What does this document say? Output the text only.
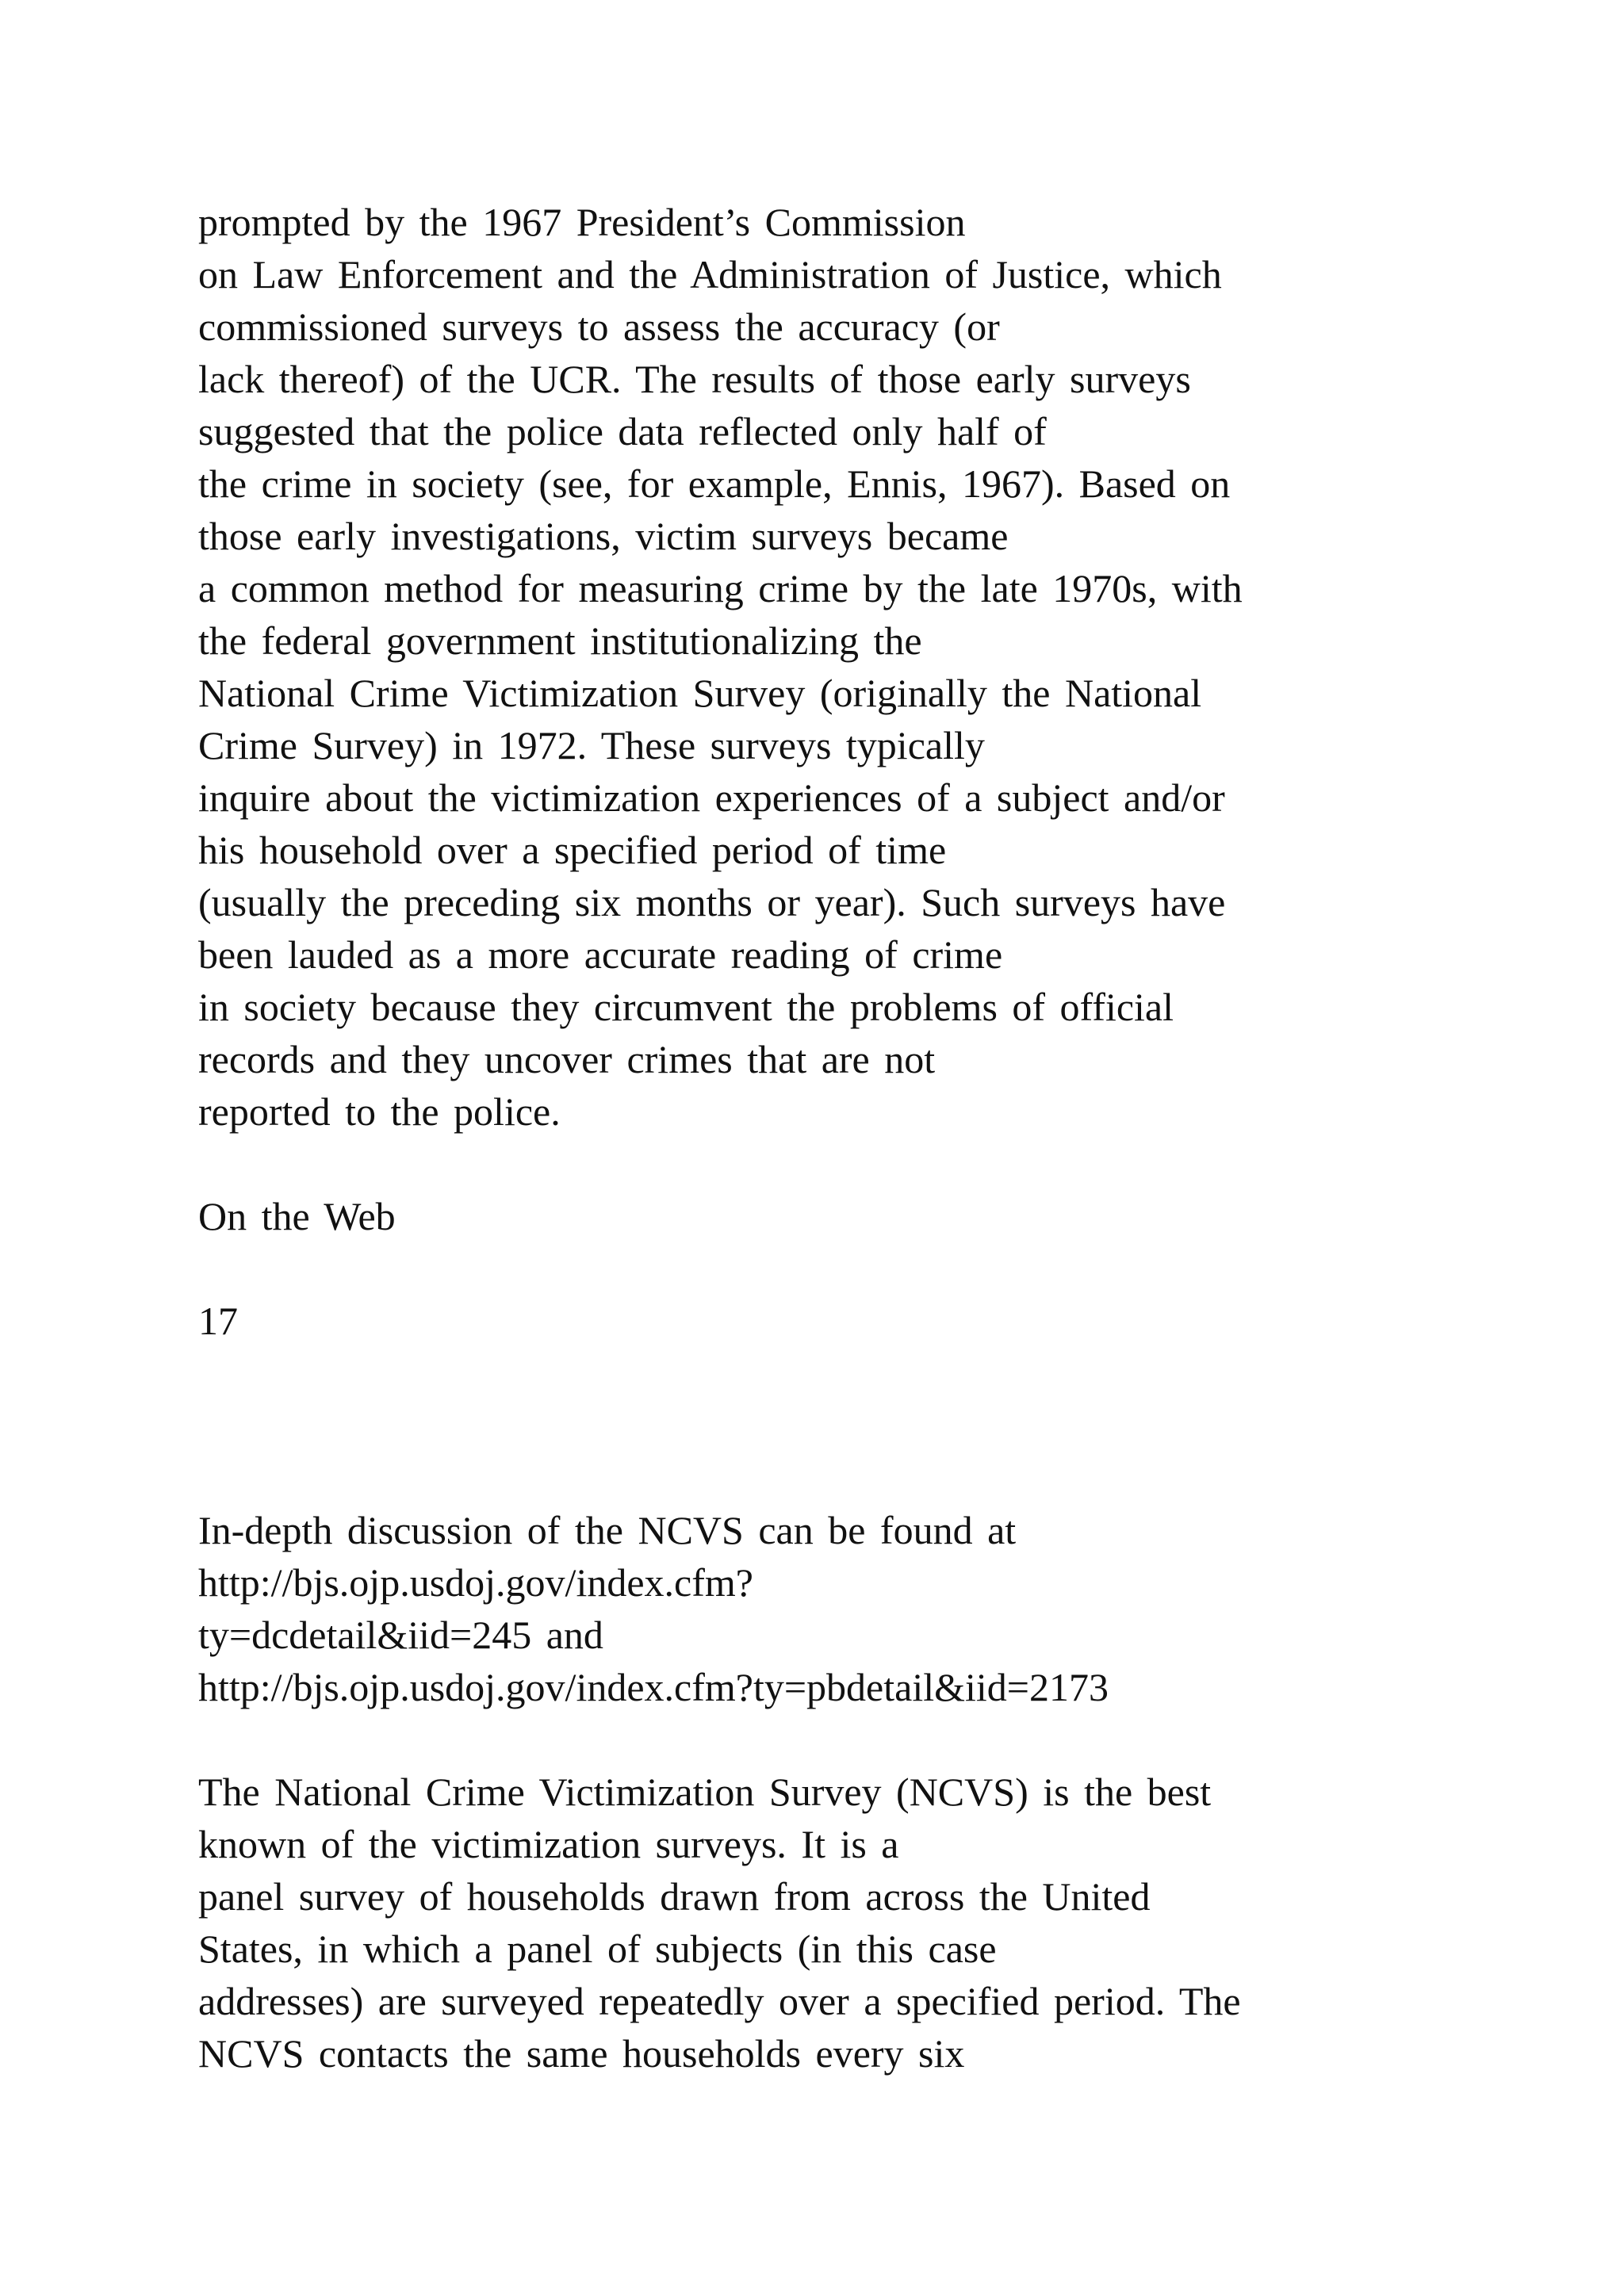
prompted by the 1967 President’s Commission

on Law Enforcement and the Administration of Justice, which

commissioned surveys to assess the accuracy (or

lack thereof) of the UCR. The results of those early surveys

suggested that the police data reflected only half of

the crime in society (see, for example, Ennis, 1967). Based on

those early investigations, victim surveys became

a common method for measuring crime by the late 1970s, with

the federal government institutionalizing the

National Crime Victimization Survey (originally the National

Crime Survey) in 1972. These surveys typically

inquire about the victimization experiences of a subject and/or

his household over a specified period of time

(usually the preceding six months or year). Such surveys have

been lauded as a more accurate reading of crime

in society because they circumvent the problems of official

records and they uncover crimes that are not

reported to the police.

On the Web

17

In-depth discussion of the NCVS can be found at

http://bjs.ojp.usdoj.gov/index.cfm?

ty=dcdetail&iid=245 and

http://bjs.ojp.usdoj.gov/index.cfm?ty=pbdetail&iid=2173

The National Crime Victimization Survey (NCVS) is the best

known of the victimization surveys. It is a

panel survey of households drawn from across the United

States, in which a panel of subjects (in this case

addresses) are surveyed repeatedly over a specified period. The

NCVS contacts the same households every six
